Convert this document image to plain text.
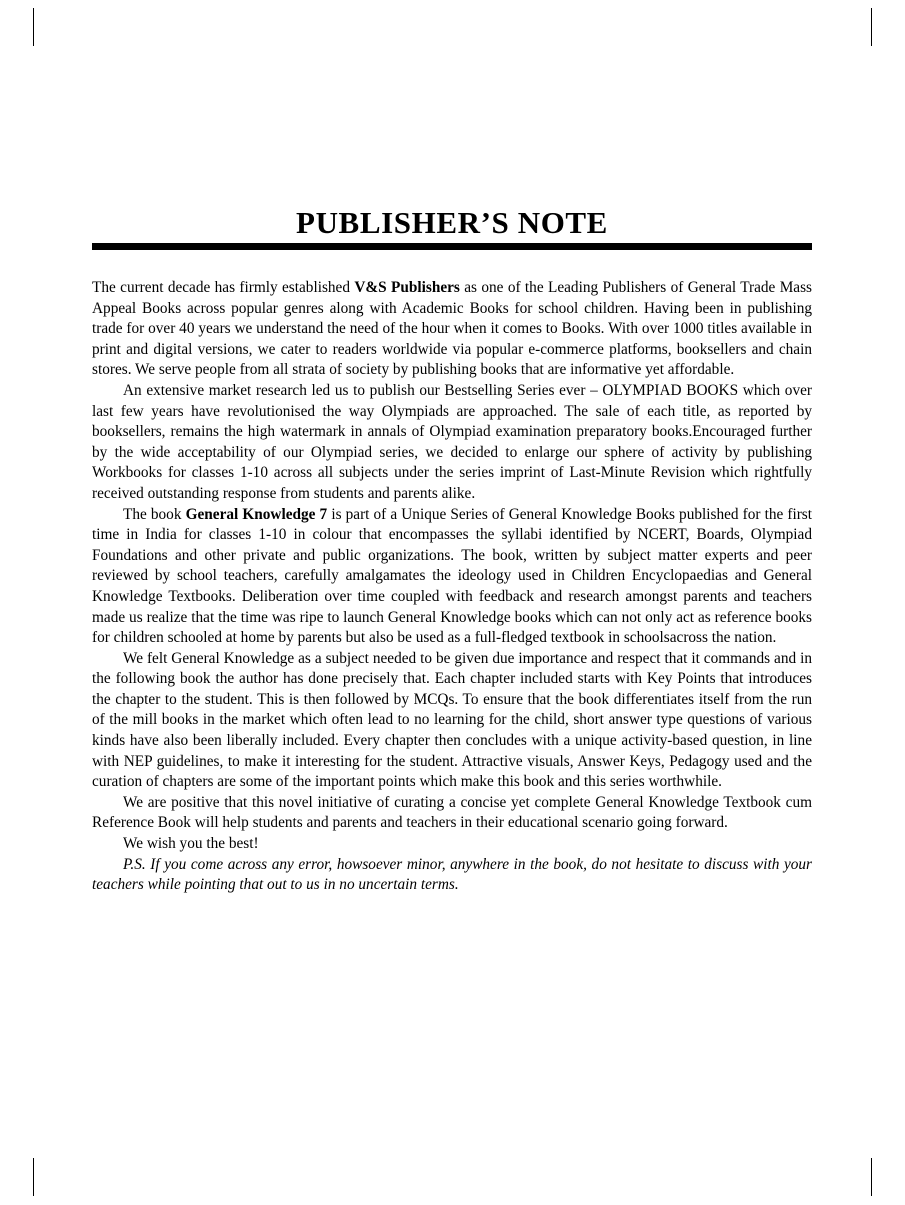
PUBLISHER’S NOTE

The current decade has firmly established V&S Publishers as one of the Leading Publishers of General Trade Mass Appeal Books across popular genres along with Academic Books for school children. Having been in publishing trade for over 40 years we understand the need of the hour when it comes to Books. With over 1000 titles available in print and digital versions, we cater to readers worldwide via popular e-commerce platforms, booksellers and chain stores. We serve people from all strata of society by publishing books that are informative yet affordable.

An extensive market research led us to publish our Bestselling Series ever – OLYMPIAD BOOKS which over last few years have revolutionised the way Olympiads are approached. The sale of each title, as reported by booksellers, remains the high watermark in annals of Olympiad examination preparatory books.Encouraged further by the wide acceptability of our Olympiad series, we decided to enlarge our sphere of activity by publishing Workbooks for classes 1-10 across all subjects under the series imprint of Last-Minute Revision which rightfully received outstanding response from students and parents alike.

The book General Knowledge 7 is part of a Unique Series of General Knowledge Books published for the first time in India for classes 1-10 in colour that encompasses the syllabi identified by NCERT, Boards, Olympiad Foundations and other private and public organizations. The book, written by subject matter experts and peer reviewed by school teachers, carefully amalgamates the ideology used in Children Encyclopaedias and General Knowledge Textbooks. Deliberation over time coupled with feedback and research amongst parents and teachers made us realize that the time was ripe to launch General Knowledge books which can not only act as reference books for children schooled at home by parents but also be used as a full-fledged textbook in schoolsacross the nation.

We felt General Knowledge as a subject needed to be given due importance and respect that it commands and in the following book the author has done precisely that. Each chapter included starts with Key Points that introduces the chapter to the student. This is then followed by MCQs. To ensure that the book differentiates itself from the run of the mill books in the market which often lead to no learning for the child, short answer type questions of various kinds have also been liberally included. Every chapter then concludes with a unique activity-based question, in line with NEP guidelines, to make it interesting for the student. Attractive visuals, Answer Keys, Pedagogy used and the curation of chapters are some of the important points which make this book and this series worthwhile.

We are positive that this novel initiative of curating a concise yet complete General Knowledge Textbook cum Reference Book will help students and parents and teachers in their educational scenario going forward.

We wish you the best!

P.S. If you come across any error, howsoever minor, anywhere in the book, do not hesitate to discuss with your teachers while pointing that out to us in no uncertain terms.
